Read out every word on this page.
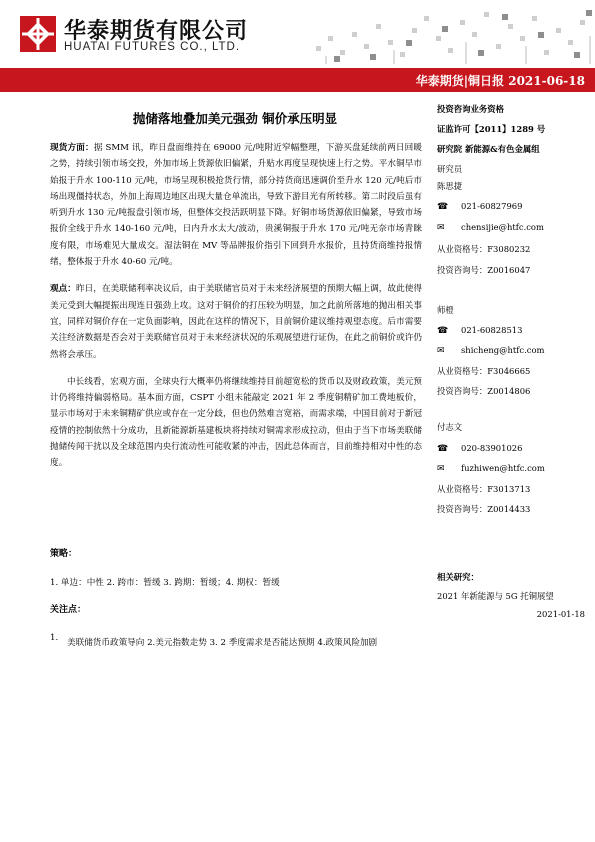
华泰期货有限公司
HUATAI FUTURES CO., LTD.
华泰期货|铜日报 2021-06-18
抛储落地叠加美元强劲 铜价承压明显

现货方面：据 SMM 讯，昨日盘面维持在 69000 元/吨附近窄幅整理，下游买盘延续前两日回暖之势，持续引领市场交投，外加市场上货源依旧偏紧，升贴水再度呈现快速上行之势。平水铜早市始报于升水 100-110 元/吨，市场呈现积极抢货行情，部分持货商迅速调价至升水 120 元/吨后市场出现僵持状态，外加上海周边地区出现大量仓单流出，导致下游目光有所转移。第二时段后虽有听到升水 130 元/吨报盘引领市场，但整体交投活跃明显下降。好铜市场货源依旧偏紧，导致市场报价全线于升水 140-160 元/吨，日内升水太大/波动，贵溪铜报于升水 170 元/吨无奈市场青睐度有限，市场难见大量成交。湿法铜在 MV 等品牌报价指引下回到升水报价，且持货商维持报情绪，整体报于升水 40-60 元/吨。

观点：昨日，在美联储利率决议后，由于美联储官员对于未来经济展望的预期大幅上调，故此使得美元受到大幅提振出现连日强劲上攻。这对于铜价的打压较为明显，加之此前所落地的抛出相关事宜，同样对铜价存在一定负面影响，因此在这样的情况下，目前铜价建议维持观望态度。后市需要关注经济数据是否会对于美联储官员对于未来经济状况的乐观展望进行证伪，在此之前铜价或许仍然将会承压。

中长线看，宏观方面，全球央行大概率仍将继续维持目前超宽松的货币以及财政政策，美元预计仍将维持偏弱格局。基本面方面，CSPT 小组未能敲定 2021 年 2 季度铜精矿加工费地板价，显示市场对于未来铜精矿供应或存在一定分歧，但也仍然难言宽裕，而需求端，中国目前对于新冠疫情的控制依然十分成功，且新能源新基建板块将持续对铜需求形成拉动，但由于当下市场美联储抛储传闻干扰以及全球范围内央行流动性可能收紧的冲击，因此总体而言，目前维持相对中性的态度。

策略：
1. 单边：中性 2. 跨市：暂缓 3. 跨期：暂缓；4. 期权：暂缓
关注点：
1. 美联储货币政策导向 2.美元指数走势 3. 2 季度需求是否能达预期 4.政策风险加剧
投资咨询业务资格
证监许可【2011】1289 号
研究院 新能源&有色金属组
研究员
陈思捷
☎ 021-60827969
✉ chensijie@htfc.com
从业资格号：F3080232
投资咨询号：Z0016047
师橙
☎ 021-60828513
✉ shicheng@htfc.com
从业资格号：F3046665
投资咨询号：Z0014806
付志文
☎ 020-83901026
✉ fuzhiwen@htfc.com
从业资格号：F3013713
投资咨询号：Z0014433
相关研究：
2021 年新能源与 5G 托铜展望
2021-01-18
